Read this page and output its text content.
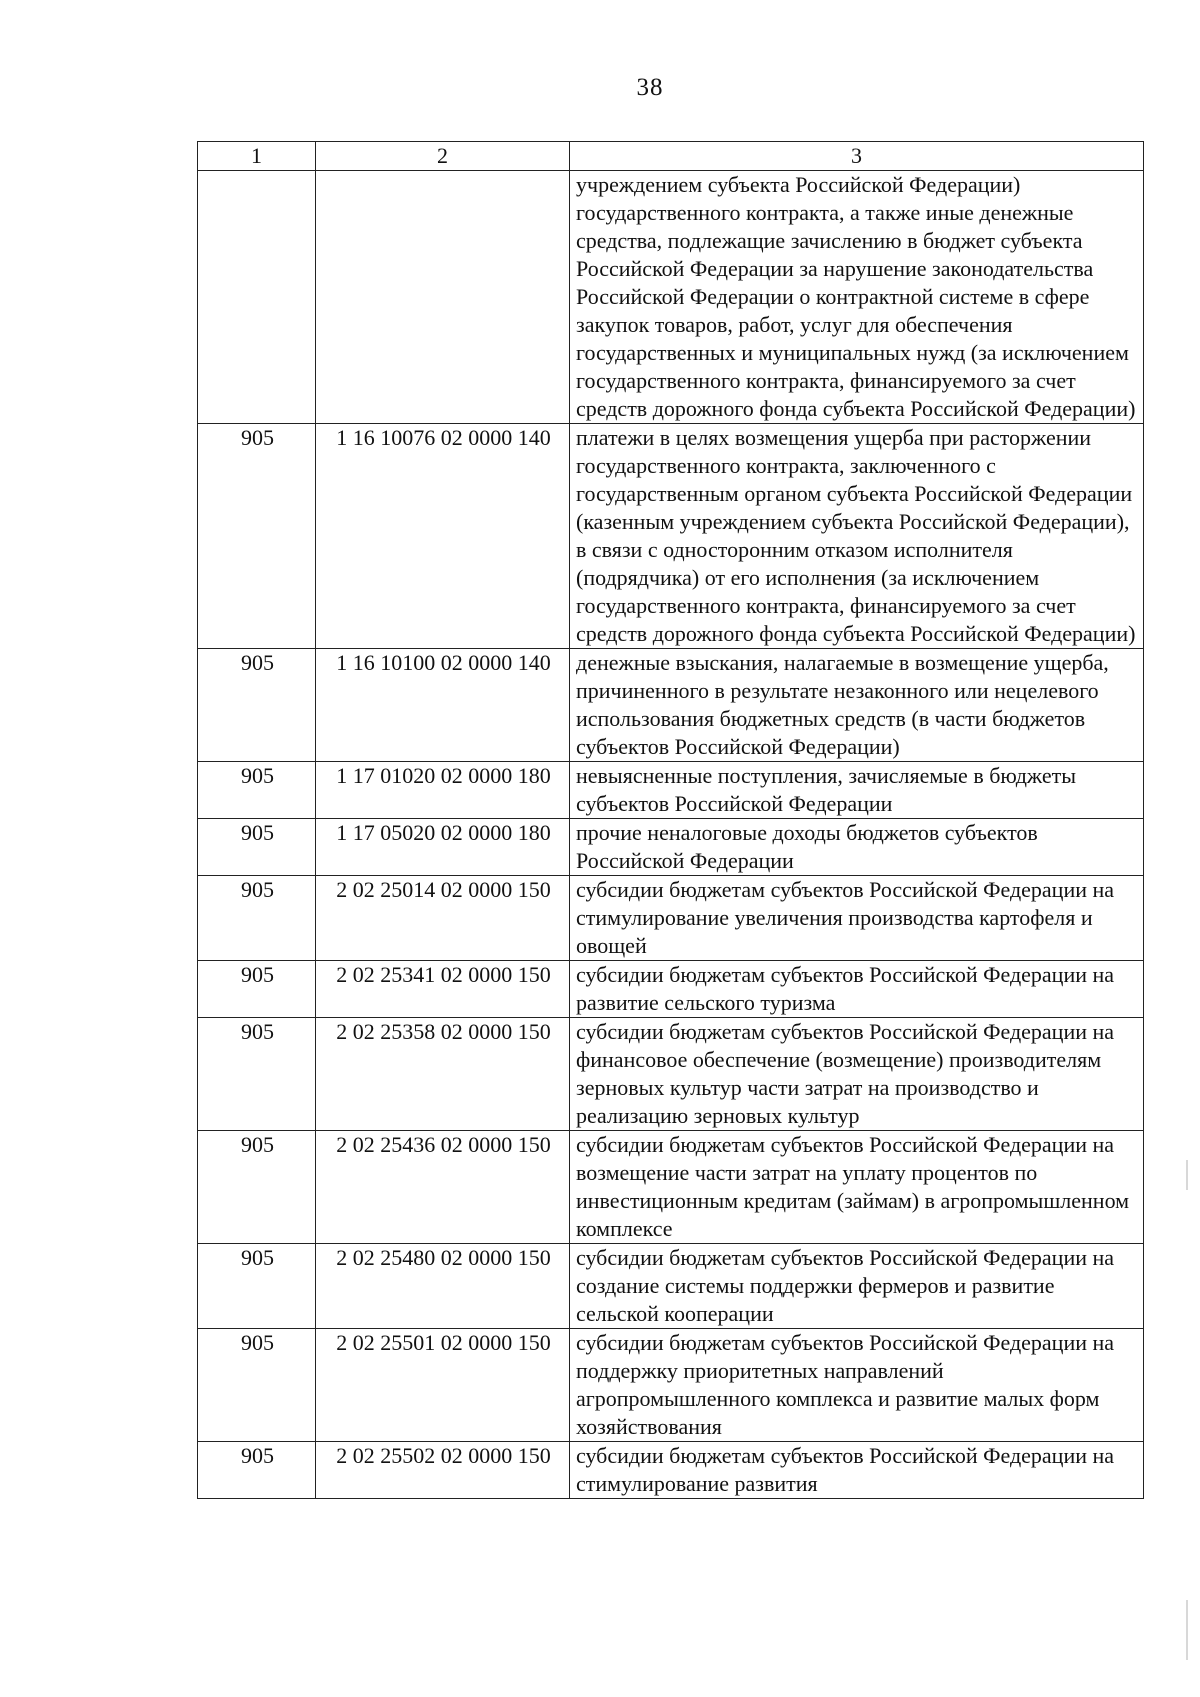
38
1	2	3
		учреждением субъекта Российской Федерации) государственного контракта, а также иные денежные средства, подлежащие зачислению в бюджет субъекта Российской Федерации за нарушение законодательства Российской Федерации о контрактной системе в сфере закупок товаров, работ, услуг для обеспечения государственных и муниципальных нужд (за исключением государственного контракта, финансируемого за счет средств дорожного фонда субъекта Российской Федерации)
905	1 16 10076 02 0000 140	платежи в целях возмещения ущерба при расторжении государственного контракта, заключенного с государственным органом субъекта Российской Федерации (казенным учреждением субъекта Российской Федерации), в связи с односторонним отказом исполнителя (подрядчика) от его исполнения (за исключением государственного контракта, финансируемого за счет средств дорожного фонда субъекта Российской Федерации)
905	1 16 10100 02 0000 140	денежные взыскания, налагаемые в возмещение ущерба, причиненного в результате незаконного или нецелевого использования бюджетных средств (в части бюджетов субъектов Российской Федерации)
905	1 17 01020 02 0000 180	невыясненные поступления, зачисляемые в бюджеты субъектов Российской Федерации
905	1 17 05020 02 0000 180	прочие неналоговые доходы бюджетов субъектов Российской Федерации
905	2 02 25014 02 0000 150	субсидии бюджетам субъектов Российской Федерации на стимулирование увеличения производства картофеля и овощей
905	2 02 25341 02 0000 150	субсидии бюджетам субъектов Российской Федерации на развитие сельского туризма
905	2 02 25358 02 0000 150	субсидии бюджетам субъектов Российской Федерации на финансовое обеспечение (возмещение) производителям зерновых культур части затрат на производство и реализацию зерновых культур
905	2 02 25436 02 0000 150	субсидии бюджетам субъектов Российской Федерации на возмещение части затрат на уплату процентов по инвестиционным кредитам (займам) в агропромышленном комплексе
905	2 02 25480 02 0000 150	субсидии бюджетам субъектов Российской Федерации на создание системы поддержки фермеров и развитие сельской кооперации
905	2 02 25501 02 0000 150	субсидии бюджетам субъектов Российской Федерации на поддержку приоритетных направлений агропромышленного комплекса и развитие малых форм хозяйствования
905	2 02 25502 02 0000 150	субсидии бюджетам субъектов Российской Федерации на стимулирование развития
